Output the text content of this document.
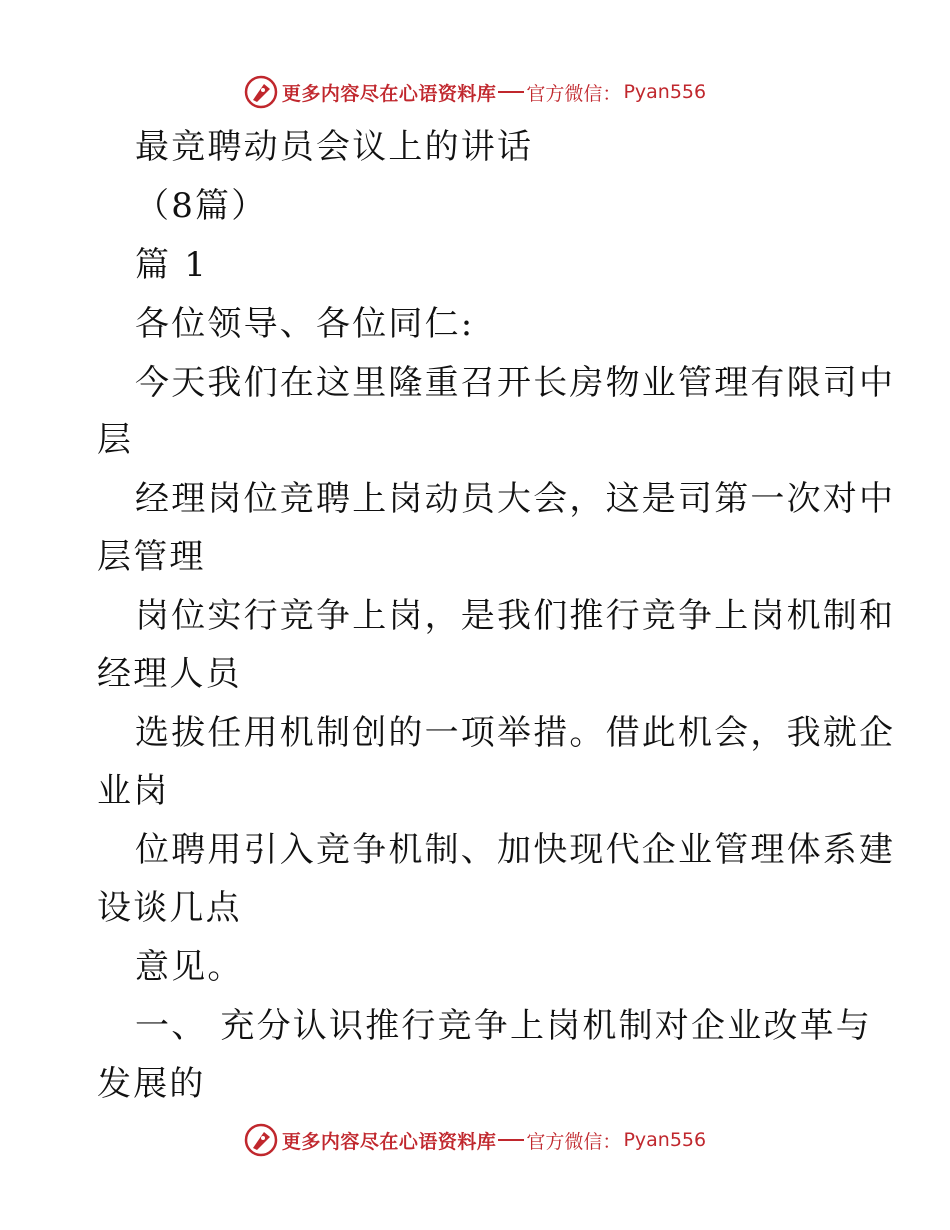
更多内容尽在心语资料库 官方微信： Pyan556

最竞聘动员会议上的讲话

（8篇）

篇 1

各位领导、各位同仁:

今天我们在这里隆重召开长房物业管理有限司中

层

经理岗位竞聘上岗动员大会，这是司第一次对中

层管理

岗位实行竞争上岗，是我们推行竞争上岗机制和

经理人员

选拔任用机制创的一项举措。借此机会，我就企

业岗

位聘用引入竞争机制、加快现代企业管理体系建

设谈几点

意见。

一、 充分认识推行竞争上岗机制对企业改革与

发展的

更多内容尽在心语资料库 官方微信： Pyan556
